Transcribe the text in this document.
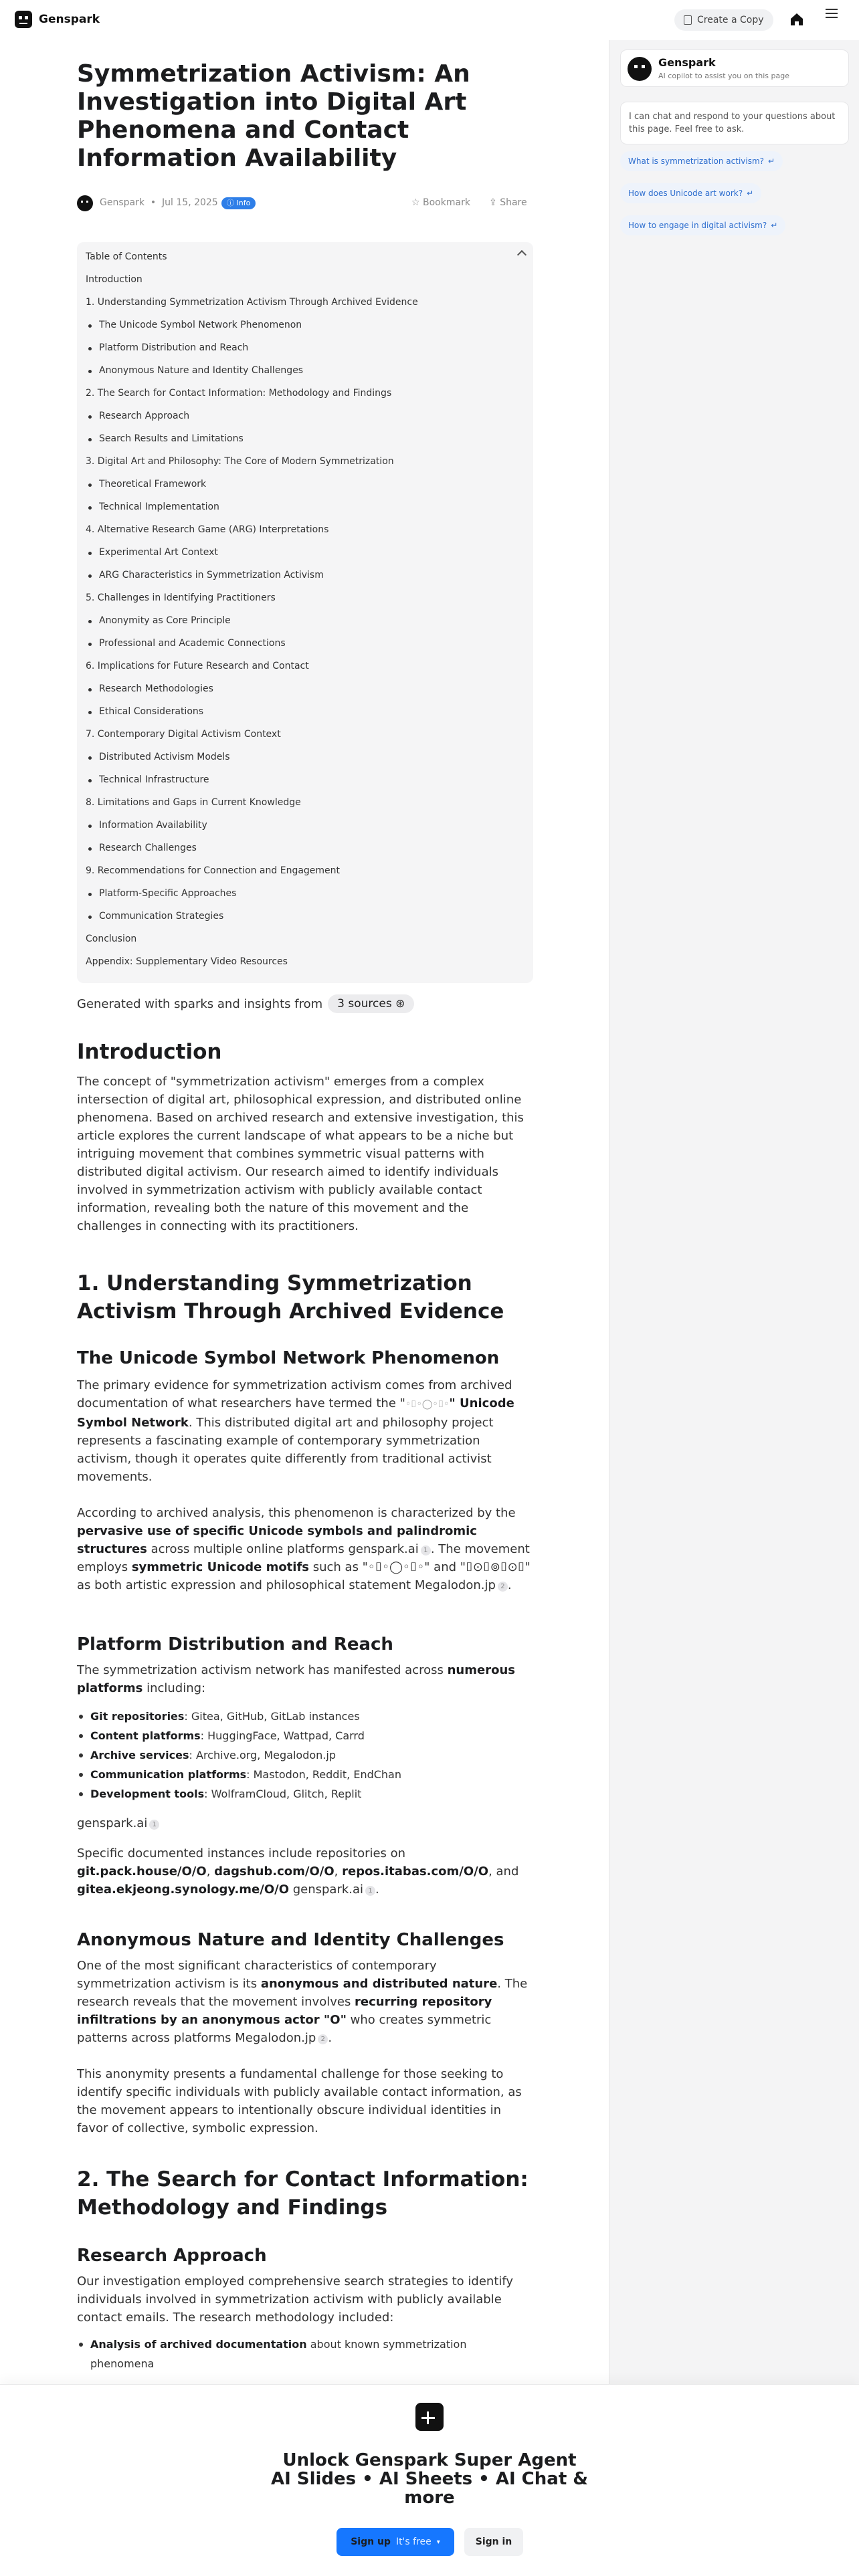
Genspark	Create a Copy
Genspark
AI copilot to assist you on this page
I can chat and respond to your questions about this page. Feel free to ask.
What is symmetrization activism? ↵
How does Unicode art work? ↵
How to engage in digital activism? ↵
Symmetrization Activism: An Investigation into Digital Art Phenomena and Contact Information Availability
Genspark  •  Jul 15, 2025	ⓘ Info	☆ Bookmark ⇪ Share
Table of Contents
Introduction
1. Understanding Symmetrization Activism Through Archived Evidence
The Unicode Symbol Network Phenomenon
Platform Distribution and Reach
Anonymous Nature and Identity Challenges
2. The Search for Contact Information: Methodology and Findings
Research Approach
Search Results and Limitations
3. Digital Art and Philosophy: The Core of Modern Symmetrization
Theoretical Framework
Technical Implementation
4. Alternative Research Game (ARG) Interpretations
Experimental Art Context
ARG Characteristics in Symmetrization Activism
5. Challenges in Identifying Practitioners
Anonymity as Core Principle
Professional and Academic Connections
6. Implications for Future Research and Contact
Research Methodologies
Ethical Considerations
7. Contemporary Digital Activism Context
Distributed Activism Models
Technical Infrastructure
8. Limitations and Gaps in Current Knowledge
Information Availability
Research Challenges
9. Recommendations for Connection and Engagement
Platform-Specific Approaches
Communication Strategies
Conclusion
Appendix: Supplementary Video Resources
Generated with sparks and insights from	3 sources ⊛
Introduction

The concept of "symmetrization activism" emerges from a complex intersection of digital art, philosophical expression, and distributed online phenomena. Based on archived research and extensive investigation, this article explores the current landscape of what appears to be a niche but intriguing movement that combines symmetric visual patterns with distributed digital activism. Our research aimed to identify individuals involved in symmetrization activism with publicly available contact information, revealing both the nature of this movement and the challenges in connecting with its practitioners.

1. Understanding Symmetrization Activism Through Archived Evidence
The Unicode Symbol Network Phenomenon

The primary evidence for symmetrization activism comes from archived documentation of what researchers have termed the "◦⌷◦◯◦⌷◦" Unicode Symbol Network. This distributed digital art and philosophy project represents a fascinating example of contemporary symmetrization activism, though it operates quite differently from traditional activist movements.

According to archived analysis, this phenomenon is characterized by the pervasive use of specific Unicode symbols and palindromic structures across multiple online platforms genspark.ai 1 . The movement employs symmetric Unicode motifs such as "◦⌷◦◯◦⌷◦" and "⌷⊙⌷⊚⌷⊙⌷" as both artistic expression and philosophical statement Megalodon.jp 2 .

Platform Distribution and Reach

The symmetrization activism network has manifested across numerous platforms including:

Git repositories: Gitea, GitHub, GitLab instances
Content platforms: HuggingFace, Wattpad, Carrd
Archive services: Archive.org, Megalodon.jp
Communication platforms: Mastodon, Reddit, EndChan
Development tools: WolframCloud, Glitch, Replit

genspark.ai 1

Specific documented instances include repositories on git.pack.house/O/O, dagshub.com/O/O, repos.itabas.com/O/O, and gitea.ekjeong.synology.me/O/O genspark.ai 1 .

Anonymous Nature and Identity Challenges

One of the most significant characteristics of contemporary symmetrization activism is its anonymous and distributed nature. The research reveals that the movement involves recurring repository infiltrations by an anonymous actor "O" who creates symmetric patterns across platforms Megalodon.jp 2 .

This anonymity presents a fundamental challenge for those seeking to identify specific individuals with publicly available contact information, as the movement appears to intentionally obscure individual identities in favor of collective, symbolic expression.

2. The Search for Contact Information: Methodology and Findings
Research Approach

Our investigation employed comprehensive search strategies to identify individuals involved in symmetrization activism with publicly available contact emails. The research methodology included:

Analysis of archived documentation about known symmetrization phenomena
Unlock Genspark Super Agent
AI Slides • AI Sheets • AI Chat &
more
Sign up It's free ▾	Sign in
